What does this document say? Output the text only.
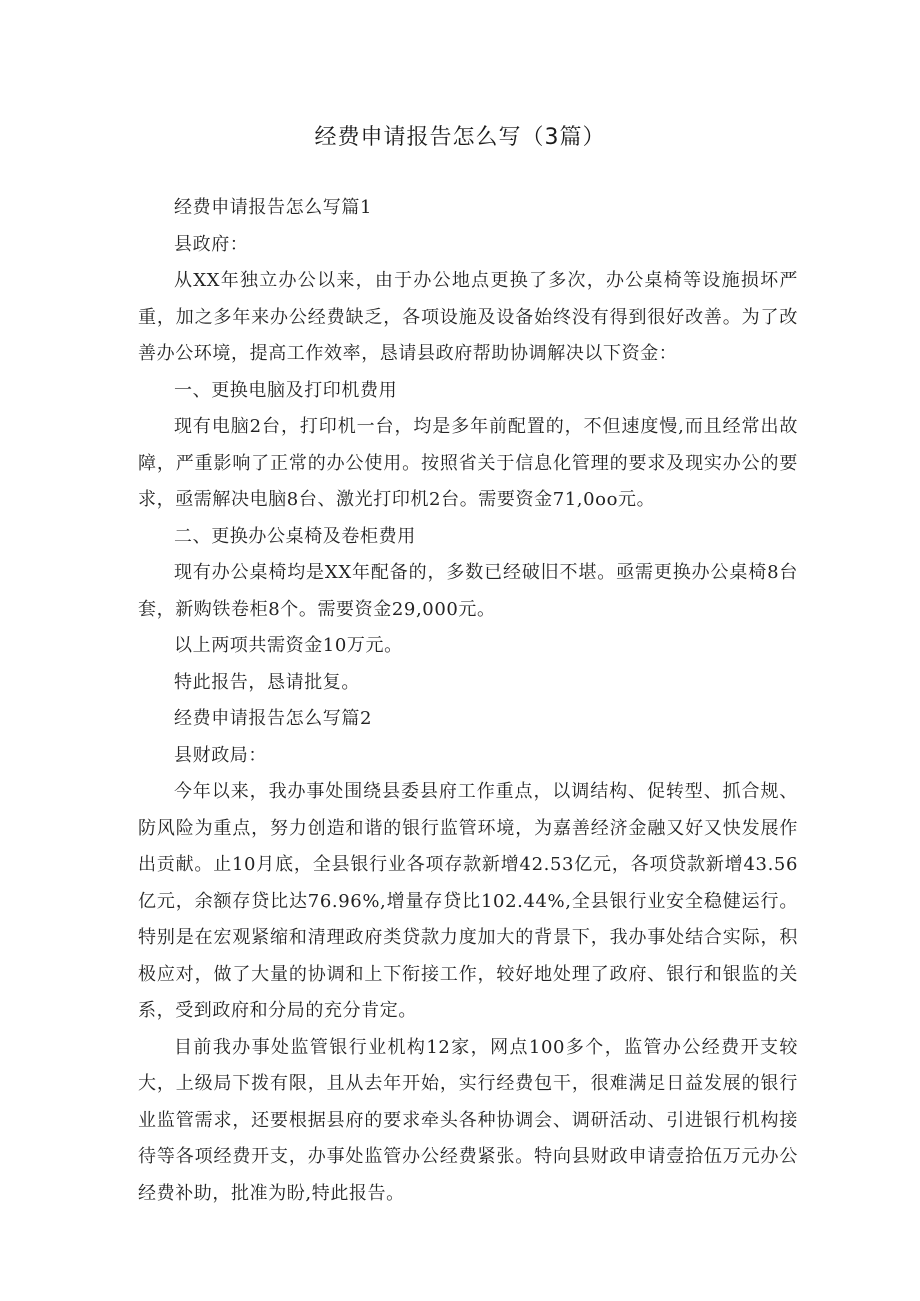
经费申请报告怎么写（3篇）

经费申请报告怎么写篇1

县政府：

从XX年独立办公以来，由于办公地点更换了多次，办公桌椅等设施损坏严重，加之多年来办公经费缺乏，各项设施及设备始终没有得到很好改善。为了改善办公环境，提高工作效率，恳请县政府帮助协调解决以下资金：

一、更换电脑及打印机费用

现有电脑2台，打印机一台，均是多年前配置的，不但速度慢,而且经常出故障，严重影响了正常的办公使用。按照省关于信息化管理的要求及现实办公的要求，亟需解决电脑8台、激光打印机2台。需要资金71,0oo元。

二、更换办公桌椅及卷柜费用

现有办公桌椅均是XX年配备的，多数已经破旧不堪。亟需更换办公桌椅8台套，新购铁卷柜8个。需要资金29,000元。

以上两项共需资金10万元。

特此报告，恳请批复。

经费申请报告怎么写篇2

县财政局：

今年以来，我办事处围绕县委县府工作重点，以调结构、促转型、抓合规、防风险为重点，努力创造和谐的银行监管环境，为嘉善经济金融又好又快发展作出贡献。止10月底，全县银行业各项存款新增42.53亿元，各项贷款新增43.56亿元，余额存贷比达76.96%,增量存贷比102.44%,全县银行业安全稳健运行。特别是在宏观紧缩和清理政府类贷款力度加大的背景下，我办事处结合实际，积极应对，做了大量的协调和上下衔接工作，较好地处理了政府、银行和银监的关系，受到政府和分局的充分肯定。

目前我办事处监管银行业机构12家，网点100多个，监管办公经费开支较大，上级局下拨有限，且从去年开始，实行经费包干，很难满足日益发展的银行业监管需求，还要根据县府的要求牵头各种协调会、调研活动、引进银行机构接待等各项经费开支，办事处监管办公经费紧张。特向县财政申请壹拾伍万元办公经费补助，批准为盼,特此报告。
